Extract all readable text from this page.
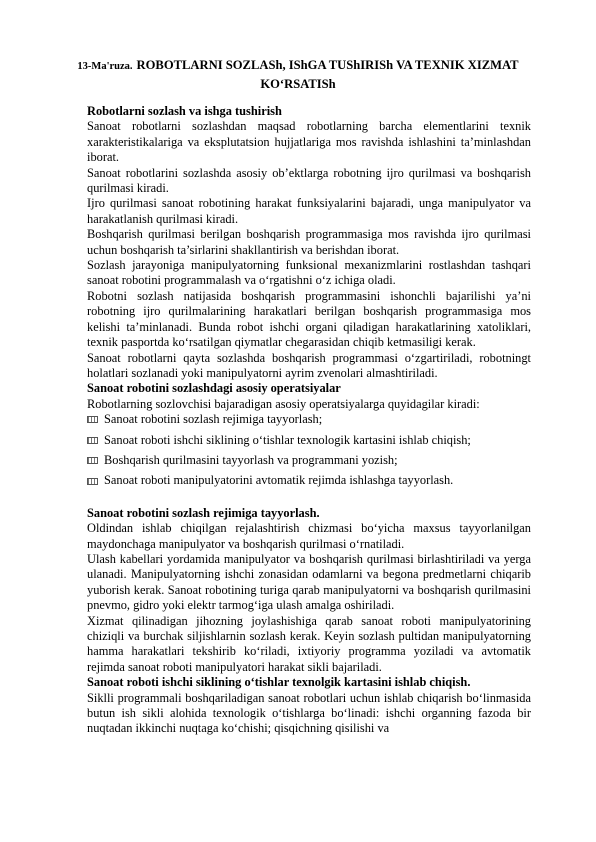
13-Ma'ruza. ROBOTLARNI SOZLASh, IShGA TUShIRISh VA TEXNIK XIZMAT KO‘RSATISh
Robotlarni sozlash va ishga tushirish

Sanoat robotlarni sozlashdan maqsad robotlarning barcha elementlarini texnik xarakteristikalariga va eksplutatsion hujjatlariga mos ravishda ishlashini ta’minlashdan iborat.

Sanoat robotlarini sozlashda asosiy ob’ektlarga robotning ijro qurilmasi va boshqarish qurilmasi kiradi.

Ijro qurilmasi sanoat robotining harakat funksiyalarini bajaradi, unga manipulyator va harakatlanish qurilmasi kiradi.

Boshqarish qurilmasi berilgan boshqarish programmasiga mos ravishda ijro qurilmasi uchun boshqarish ta’sirlarini shakllantirish va berishdan iborat.

Sozlash jarayoniga manipulyatorning funksional mexanizmlarini rostlashdan tashqari sanoat robotini programmalash va o‘rgatishni o‘z ichiga oladi.

Robotni sozlash natijasida boshqarish programmasini ishonchli bajarilishi ya’ni robotning ijro qurilmalarining harakatlari berilgan boshqarish programmasiga mos kelishi ta’minlanadi. Bunda robot ishchi organi qiladigan harakatlarining xatoliklari, texnik pasportda ko‘rsatilgan qiymatlar chegarasidan chiqib ketmasiligi kerak.

Sanoat robotlarni qayta sozlashda boshqarish programmasi o‘zgartiriladi, robotningt holatlari sozlanadi yoki manipulyatorni ayrim zvenolari almashtiriladi.

Sanoat robotini sozlashdagi asosiy operatsiyalar

Robotlarning sozlovchisi bajaradigan asosiy operatsiyalarga quyidagilar kiradi:

Sanoat robotini sozlash rejimiga tayyorlash;
Sanoat roboti ishchi siklining o‘tishlar texnologik kartasini ishlab chiqish;
Boshqarish qurilmasini tayyorlash va programmani yozish;
Sanoat roboti manipulyatorini avtomatik rejimda ishlashga tayyorlash.
Sanoat robotini sozlash rejimiga tayyorlash.

Oldindan ishlab chiqilgan rejalashtirish chizmasi bo‘yicha maxsus tayyorlanilgan maydonchaga manipulyator va boshqarish qurilmasi o‘rnatiladi.

Ulash kabellari yordamida manipulyator va boshqarish qurilmasi birlashtiriladi va yerga ulanadi. Manipulyatorning ishchi zonasidan odamlarni va begona predmetlarni chiqarib yuborish kerak. Sanoat robotining turiga qarab manipulyatorni va boshqarish qurilmasini pnevmo, gidro yoki elektr tarmog‘iga ulash amalga oshiriladi.

Xizmat qilinadigan jihozning joylashishiga qarab sanoat roboti manipulyatorining chiziqli va burchak siljishlarnin sozlash kerak. Keyin sozlash pultidan manipulyatorning hamma harakatlari tekshirib ko‘riladi, ixtiyoriy programma yoziladi va avtomatik rejimda sanoat roboti manipulyatori harakat sikli bajariladi.

Sanoat roboti ishchi siklining o‘tishlar texnolgik kartasini ishlab chiqish.

Siklli programmali boshqariladigan sanoat robotlari uchun ishlab chiqarish bo‘linmasida butun ish sikli alohida texnologik o‘tishlarga bo‘linadi: ishchi organning fazoda bir nuqtadan ikkinchi nuqtaga ko‘chishi; qisqichning qisilishi va
